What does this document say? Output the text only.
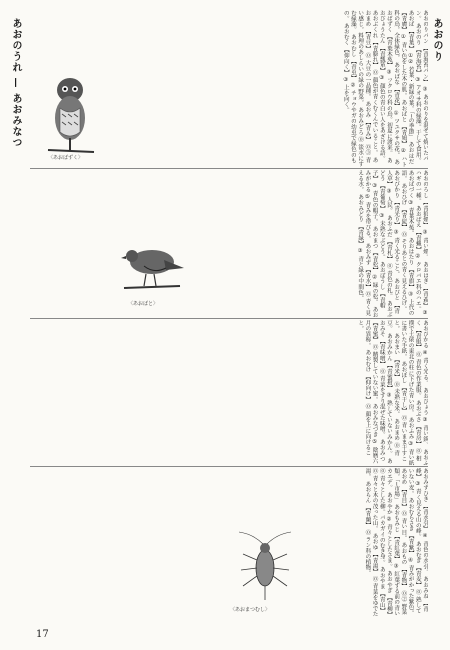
あおのり
あおのうれ — あおみなつ	あおのりパン 【青海苔パン】 ③ あおのりを混ぜて焼いたパン。 あおのり 【青海苔】 ③ アオサ科の緑藻。干して食用。 あおば 【青葉】 ①② 若葉・新緑の葉。「─の季節」 あおはだ 【青膚】 ① 青い色をした木の肌。 あおばと 【青鳩】 ② ハト科の鳥。全体緑色。 あおばな 【青花】 ① ツユクサの花。 あおばずく 【青葉木菟】 ③ フクロウ科の鳥。初夏に渡来。 あおびょうたん 【青瓢箪】 ③ 顔色の青白い人をあざける語。 あおぶくれ 【青膨れ】 ⓪ 顔色が青くむくんでいること。 あおまめ 【青豆】 ⓪ 大豆の一品種。 あおみ 【青み】 ⓪③ 青い感じ。料理のあしらいの緑の野菜。 あおみどろ ⓪ 淡水にすむ緑藻。 あおむし 【青虫】 ② チョウやガの幼虫で緑色のもの。 あおむく 【仰向く】 ③ 上を向く。
〈あおばずく〉
あおのろし 【青狼煙】 ③ 青い煙。 あおはぎ 【青萩】 ③ ハギの一種。 あおばえ 【青蝿】 ② クロバエ科のハエ。 あおばづく ③ 青葉木菟。 あおはたり 【青旗】 ③ 上代の語。 あおひげ 【青髭】 ⓪ そりあとの青く見えるひげ。 あおびかり 【青光り】 ③ 青く光ること。 あおびと 【青人草】 ③ 人民。 あおふだ 【青札】 ⓪ 青色の札。 あおぶどう 【青葡萄】 ③ 未熟なぶどう。 あおぼうし 【青帽子】 ③ 青色の帽子。 あおまつ 【青松】 ② 緑の松。 あおみがかる ⑤ 青みを帯びる。 あおみず 【青水】 ⓪ 青く見える水。 あおみどり 【青緑】 ③ 青と緑の中間色。
〈あおばと〉
あおびかる ④ 青く光る。 あおびょう ③ 青い鋲。 あおふく 【青服】 ⓪ 青色の作業服。 あおぶさ 【青房】 ⓪ 相撲で土俵の東北の柱に下げた青い房。 あおふみ ③ 青い紙に書いた手紙。 あおぼし 【青干し】 ⓪ 青いまま干すこと。 あおまい 【青米】 ⓪ 未熟な米。 あおまめ ⓪ 青豆。 あおみかん 【青蜜柑】 ③ 熟していないみかん。 あおみそ 【青味噌】 ⓪ 青菜をすり混ぜた味噌。 あおみつ 【青蜜】 ⓪ 精製していない蜜。 あおみなづき ⑤ 陰暦六月の異称。 あおむけ 【仰向け】 ⓪ 顔を上に向けること。
あおみずひき 【青水引】 ④ 青色の水引。 あおみね 【青峰】 ③ 青く見える山の峰。 あおむぎ 【青麦】 ⓪ 熟していない麦。 あおむらさき 【青紫】 ④ 青みがかった紫色。 あおめ 【青目】 ⓪ 青い目。 あおもの 【青物】 ⓪② 野菜類。「─市場」 あおもみじ 【青紅葉】 ③ 紅葉する前の青いカエデ。 あおやか ② 青々としたさま。 あおやぎ 【青柳】 ⓪ 青々とした柳。バカガイのむき身。 あおやま 【青山】 ⓪ 青々と木の茂った山。 あおゆ 【青湯】 ⓪ 青菜をゆでた湯。 あおらん 【青蘭】 ⓪ ラン科の植物。
〈あおまつむし〉
17
